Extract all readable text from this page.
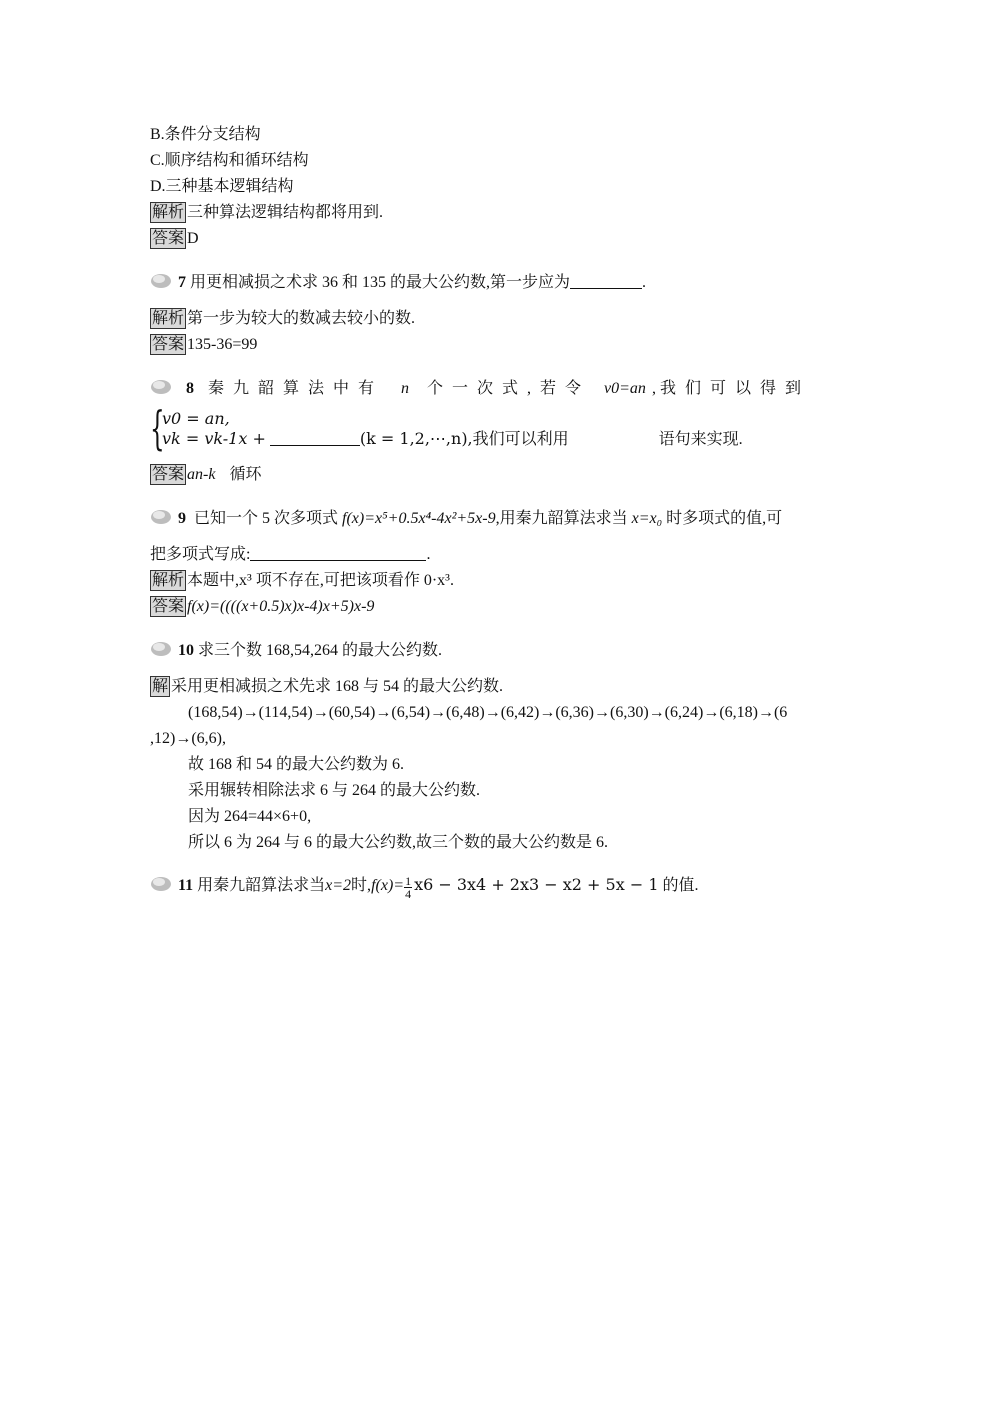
B.条件分支结构
C.顺序结构和循环结构
D.三种基本逻辑结构
解析 三种算法逻辑结构都将用到.
答案 D
7 用更相减损之术求 36 和 135 的最大公约数,第一步应为	.
解析 第一步为较大的数减去较小的数.
答案 135-36=99
8 秦九韶算法中有 n 个一次式,若令 v0=an , 我们可以得到
{
v0 = an,
vk = vk-1x +	(k = 1,2,⋯,n),我们可以利用	语句来实现.
答案 an-k 循环
9 已知一个 5 次多项式 f(x)=x⁵+0.5x⁴-4x²+5x-9,用秦九韶算法求当 x=x₀ 时多项式的值,可
把多项式写成:	.
解析 本题中,x³ 项不存在,可把该项看作 0·x³.
答案 f(x)=((((x+0.5)x)x-4)x+5)x-9
10 求三个数 168,54,264 的最大公约数.
解 采用更相减损之术先求 168 与 54 的最大公约数.
(168,54)→(114,54)→(60,54)→(6,54)→(6,48)→(6,42)→(6,36)→(6,30)→(6,24)→(6,18)→(6
,12)→(6,6),
故 168 和 54 的最大公约数为 6.
采用辗转相除法求 6 与 264 的最大公约数.
因为 264=44×6+0,
所以 6 为 264 与 6 的最大公约数,故三个数的最大公约数是 6.
11 用秦九韶算法求当x=2时$,f(x)= \frac{1}{4} x6 - 3x4 + 2x3 - x2 + 5x - 1$ 的值.
